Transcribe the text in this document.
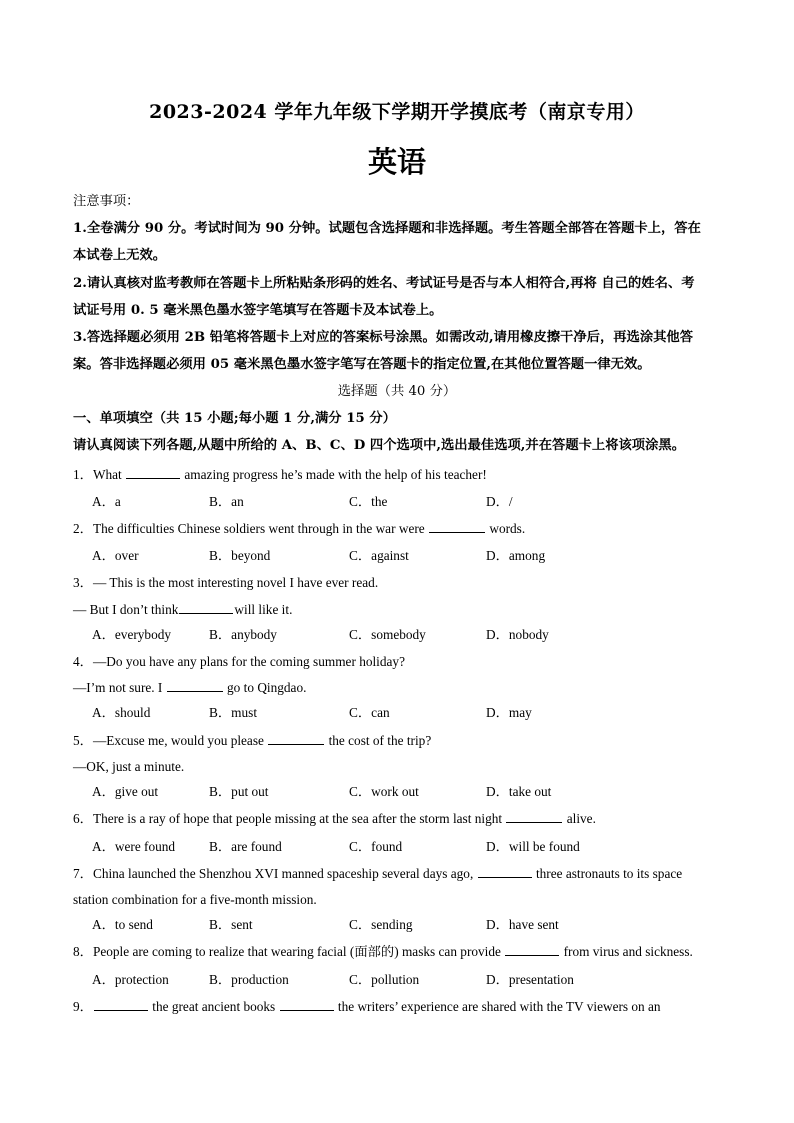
2023-2024 学年九年级下学期开学摸底考（南京专用）
英语
注意事项：
1.全卷满分 90 分。考试时间为 90 分钟。试题包含选择题和非选择题。考生答题全部答在答题卡上，答在
本试卷上无效。
2.请认真核对监考教师在答题卡上所粘贴条形码的姓名、考试证号是否与本人相符合,再将 自己的姓名、考
试证号用 0. 5 毫米黑色墨水签字笔填写在答题卡及本试卷上。
3.答选择题必须用 2B 铅笔将答题卡上对应的答案标号涂黑。如需改动,请用橡皮擦干净后，再选涂其他答
案。答非选择题必须用 05 毫米黑色墨水签字笔写在答题卡的指定位置,在其他位置答题一律无效。
选择题（共 40 分）
一、单项填空（共 15 小题;每小题 1 分,满分 15 分）
请认真阅读下列各题,从题中所给的 A、B、C、D 四个选项中,选出最佳选项,并在答题卡上将该项涂黑。
1．What	amazing progress he’s made with the help of his teacher!
A．a	B．an	C．the	D．/
2．The difficulties Chinese soldiers went through in the war were	words.
A．over	B．beyond	C．against	D．among
3．— This is the most interesting novel I have ever read.
— But I don’t think	will like it.
A．everybody	B．anybody	C．somebody	D．nobody
4．—Do you have any plans for the coming summer holiday?
—I’m not sure. I	go to Qingdao.
A．should	B．must	C．can	D．may
5．—Excuse me, would you please	the cost of the trip?
—OK, just a minute.
A．give out	B．put out	C．work out	D．take out
6．There is a ray of hope that people missing at the sea after the storm last night	alive.
A．were found	B．are found	C．found	D．will be found
7．China launched the Shenzhou XVI manned spaceship several days ago,	three astronauts to its space
station combination for a five-month mission.
A．to send	B．sent	C．sending	D．have sent
8．People are coming to realize that wearing facial (面部的) masks can provide	from virus and sickness.
A．protection	B．production	C．pollution	D．presentation
9．	the great ancient books	the writers’ experience are shared with the TV viewers on an
